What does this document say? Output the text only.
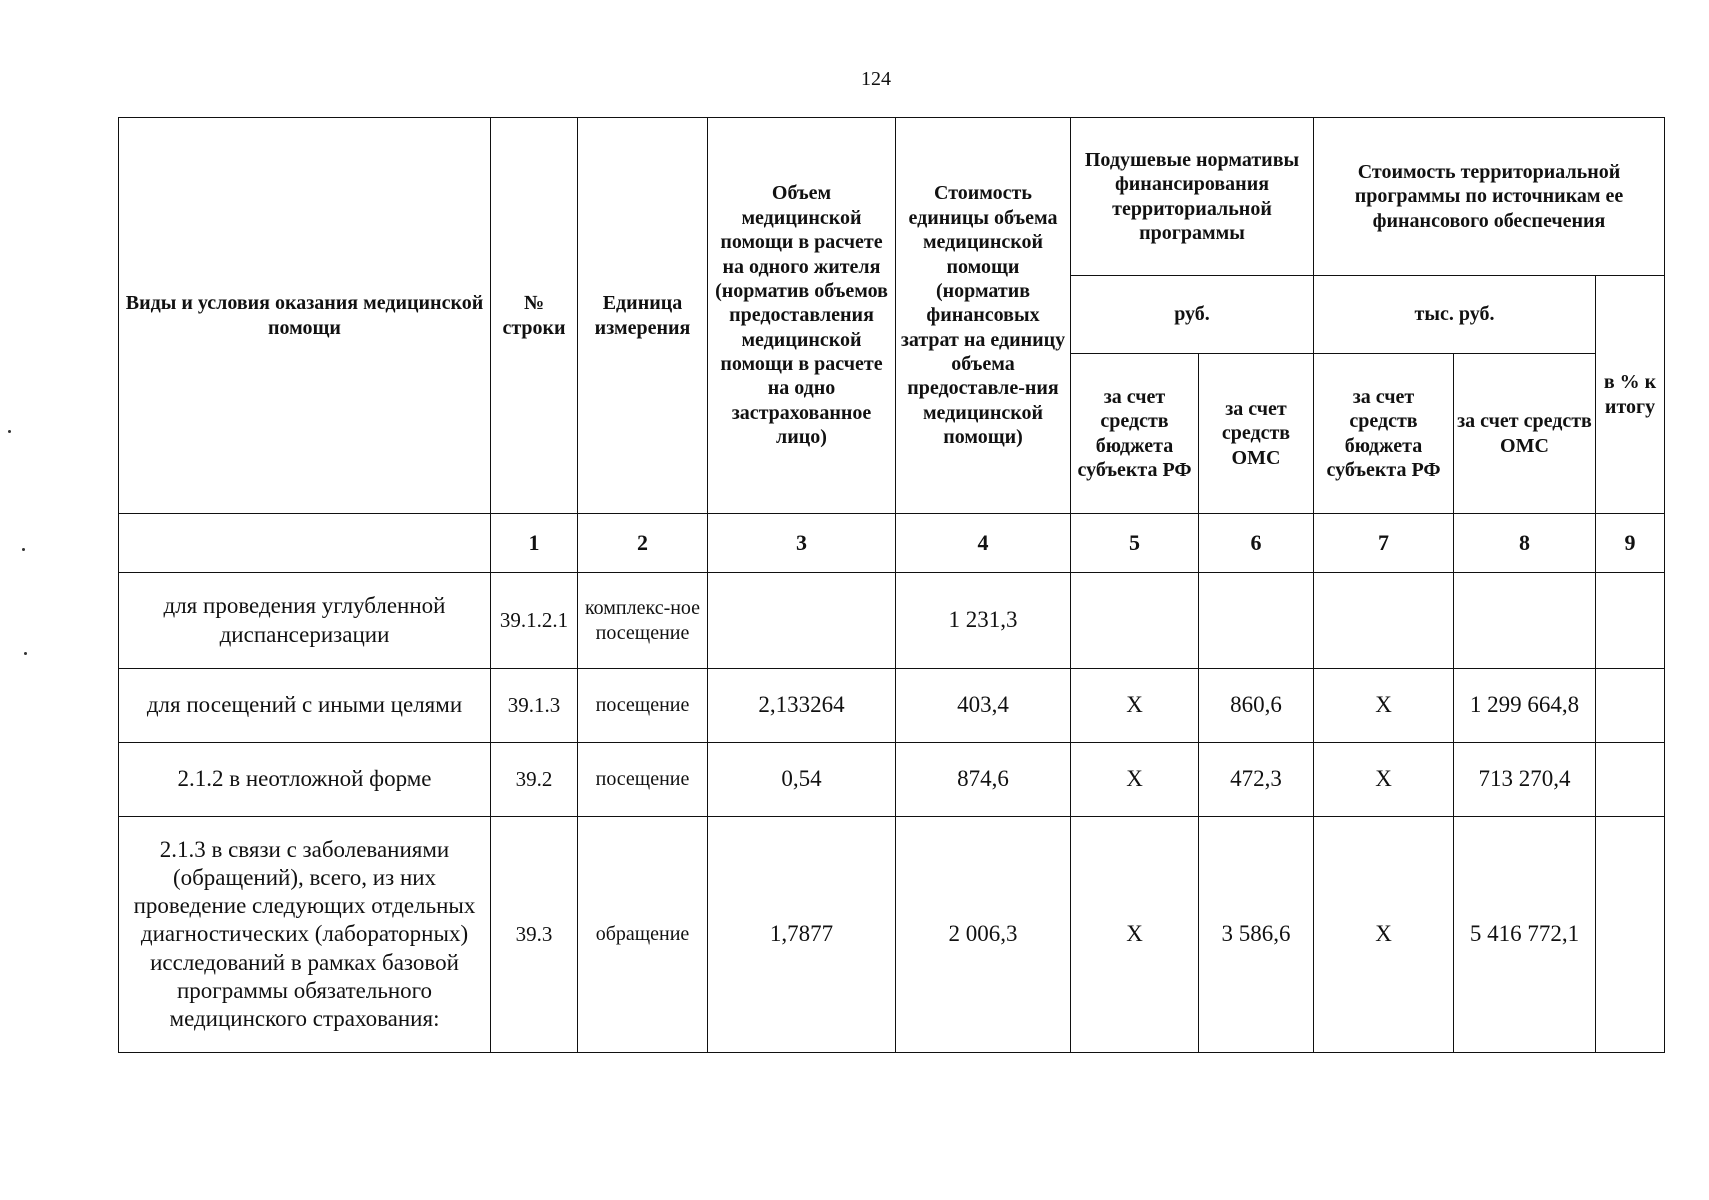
124
Виды и условия оказания медицинской помощи	№ строки	Единица измерения	Объем медицинской помощи в расчете на одного жителя (норматив объемов предоставления медицинской помощи в расчете на одно застрахованное лицо)	Стоимость единицы объема медицинской помощи (норматив финансовых затрат на единицу объема предоставле-ния медицинской помощи)	Подушевые нормативы финансирования территориальной программы		Стоимость территориальной программы по источникам ее финансового обеспечения		
					руб.		тыс. руб.		в % к итогу
					за счет средств бюджета субъекта РФ	за счет средств ОМС	за счет средств бюджета субъекта РФ	за счет средств ОМС	
	1	2	3	4	5	6	7	8	9
для проведения углубленной диспансеризации	39.1.2.1	комплекс-ное посещение		1 231,3					
для посещений с иными целями	39.1.3	посещение	2,133264	403,4	X	860,6	X	1 299 664,8	
2.1.2 в неотложной форме	39.2	посещение	0,54	874,6	X	472,3	X	713 270,4	
2.1.3 в связи с заболеваниями (обращений), всего, из них проведение следующих отдельных диагностических (лабораторных) исследований в рамках базовой программы обязательного медицинского страхования:	39.3	обращение	1,7877	2 006,3	X	3 586,6	X	5 416 772,1	
